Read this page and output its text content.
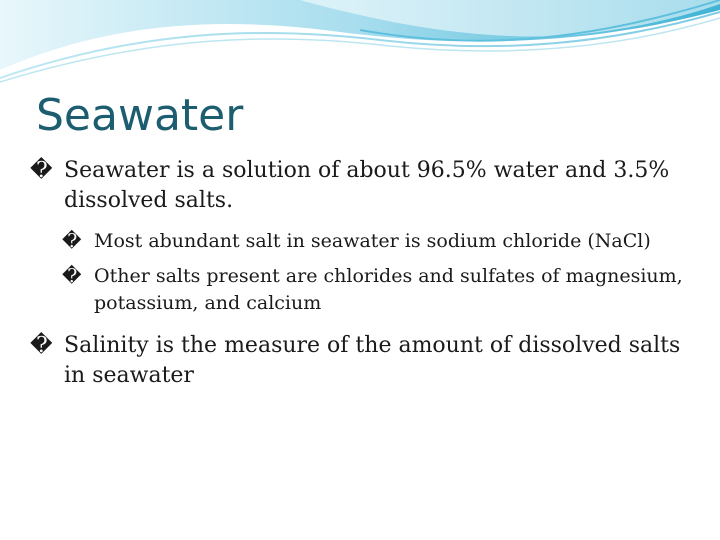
Seawater

� Seawater is a solution of about 96.5% water and 3.5% dissolved salts.

� Most abundant salt in seawater is sodium chloride (NaCl)

� Other salts present are chlorides and sulfates of magnesium, potassium, and calcium

� Salinity is the measure of the amount of dissolved salts in seawater
